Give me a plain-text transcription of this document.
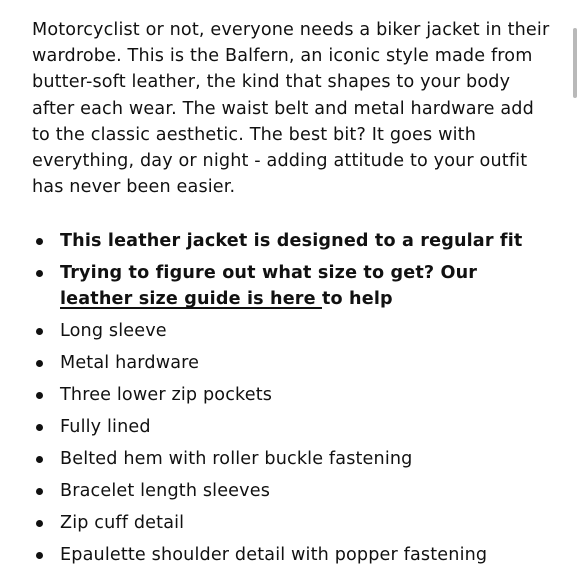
Motorcyclist or not, everyone needs a biker jacket in their wardrobe. This is the Balfern, an iconic style made from butter-soft leather, the kind that shapes to your body after each wear. The waist belt and metal hardware add to the classic aesthetic. The best bit? It goes with everything, day or night - adding attitude to your outfit has never been easier.

This leather jacket is designed to a regular fit
Trying to figure out what size to get? Our leather size guide is here to help
Long sleeve
Metal hardware
Three lower zip pockets
Fully lined
Belted hem with roller buckle fastening
Bracelet length sleeves
Zip cuff detail
Epaulette shoulder detail with popper fastening
